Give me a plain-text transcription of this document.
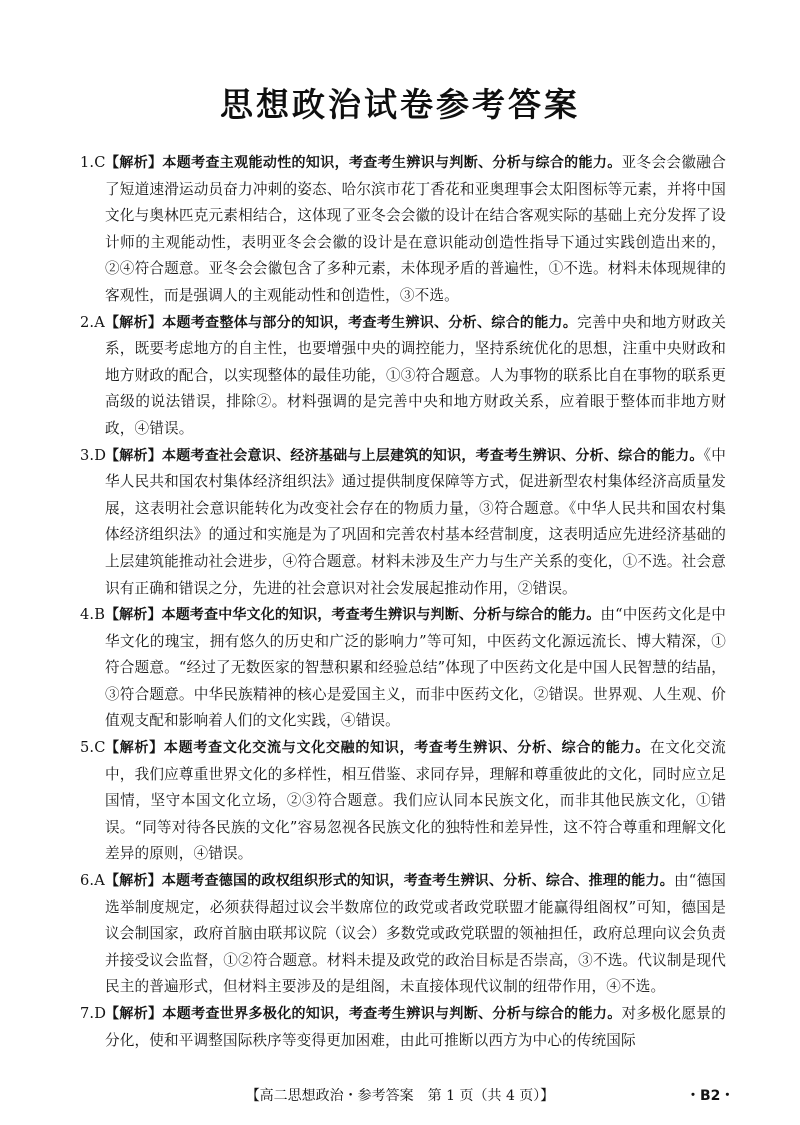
思想政治试卷参考答案
1.C 【解析】本题考查主观能动性的知识，考查考生辨识与判断、分析与综合的能力。亚冬会会徽融合了短道速滑运动员奋力冲刺的姿态、哈尔滨市花丁香花和亚奥理事会太阳图标等元素，并将中国文化与奥林匹克元素相结合，这体现了亚冬会会徽的设计在结合客观实际的基础上充分发挥了设计师的主观能动性，表明亚冬会会徽的设计是在意识能动创造性指导下通过实践创造出来的，②④符合题意。亚冬会会徽包含了多种元素，未体现矛盾的普遍性，①不选。材料未体现规律的客观性，而是强调人的主观能动性和创造性，③不选。
2.A 【解析】本题考查整体与部分的知识，考查考生辨识、分析、综合的能力。完善中央和地方财政关系，既要考虑地方的自主性，也要增强中央的调控能力，坚持系统优化的思想，注重中央财政和地方财政的配合，以实现整体的最佳功能，①③符合题意。人为事物的联系比自在事物的联系更高级的说法错误，排除②。材料强调的是完善中央和地方财政关系，应着眼于整体而非地方财政，④错误。
3.D
【解析】本题考查社会意识、经济基础与上层建筑的知识，考查考生辨识、分析、综合的能力。《中华人民共和国农村集体经济组织法》通过提供制度保障等方式，促进新型农村集体经济高质量发展，这表明社会意识能转化为改变社会存在的物质力量，③符合题意。《中华人民共和国农村集体经济组织法》的通过和实施是为了巩固和完善农村基本经营制度，这表明适应先进经济基础的上层建筑能推动社会进步，④符合题意。材料未涉及生产力与生产关系的变化，①不选。社会意识有正确和错误之分，先进的社会意识对社会发展起推动作用，②错误。
4.B 【解析】本题考查中华文化的知识，考查考生辨识与判断、分析与综合的能力。由“中医药文化是中华文化的瑰宝，拥有悠久的历史和广泛的影响力”等可知，中医药文化源远流长、博大精深，①符合题意。“经过了无数医家的智慧积累和经验总结”体现了中医药文化是中国人民智慧的结晶，③符合题意。中华民族精神的核心是爱国主义，而非中医药文化，②错误。世界观、人生观、价值观支配和影响着人们的文化实践，④错误。
5.C 【解析】本题考查文化交流与文化交融的知识，考查考生辨识、分析、综合的能力。在文化交流中，我们应尊重世界文化的多样性，相互借鉴、求同存异，理解和尊重彼此的文化，同时应立足国情，坚守本国文化立场，②③符合题意。我们应认同本民族文化，而非其他民族文化，①错误。“同等对待各民族的文化”容易忽视各民族文化的独特性和差异性，这不符合尊重和理解文化差异的原则，④错误。
6.A 【解析】本题考查德国的政权组织形式的知识，考查考生辨识、分析、综合、推理的能力。由“德国选举制度规定，必须获得超过议会半数席位的政党或者政党联盟才能赢得组阁权”可知，德国是议会制国家，政府首脑由联邦议院（议会）多数党或政党联盟的领袖担任，政府总理向议会负责并接受议会监督，①②符合题意。材料未提及政党的政治目标是否崇高，③不选。代议制是现代民主的普遍形式，但材料主要涉及的是组阁，未直接体现代议制的纽带作用，④不选。
7.D
【解析】本题考查世界多极化的知识，考查考生辨识与判断、分析与综合的能力。对多极化愿景的分化，使和平调整国际秩序等变得更加困难，由此可推断以西方为中心的传统国际
【高二思想政治・参考答案　第 1 页（共 4 页）】	・B2・
